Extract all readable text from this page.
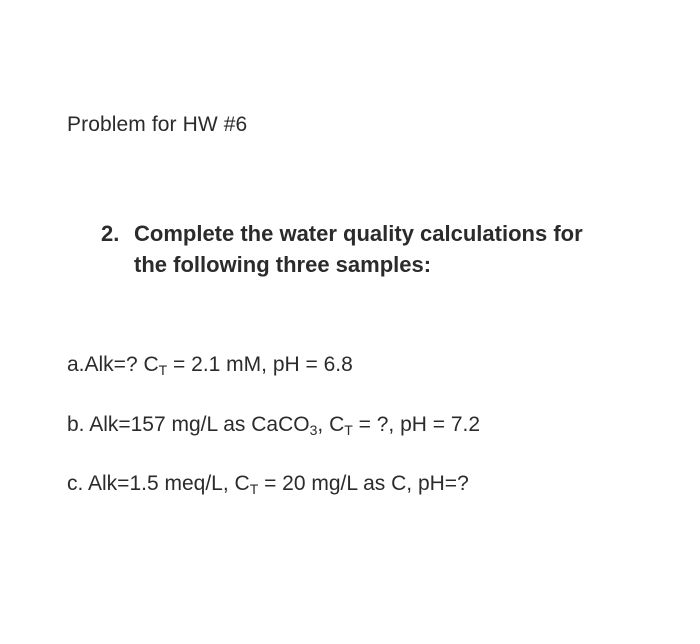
Problem for HW #6
2. Complete the water quality calculations for
the following three samples:
a.Alk=? $C_T = 2.1$ mM, pH = 6.8
b. Alk=157 mg/L as CaCO$_3$, $C_T$ = ?, pH = 7.2
c. Alk=1.5 meq/L, $C_T = 20$ mg/L as C, pH=?
